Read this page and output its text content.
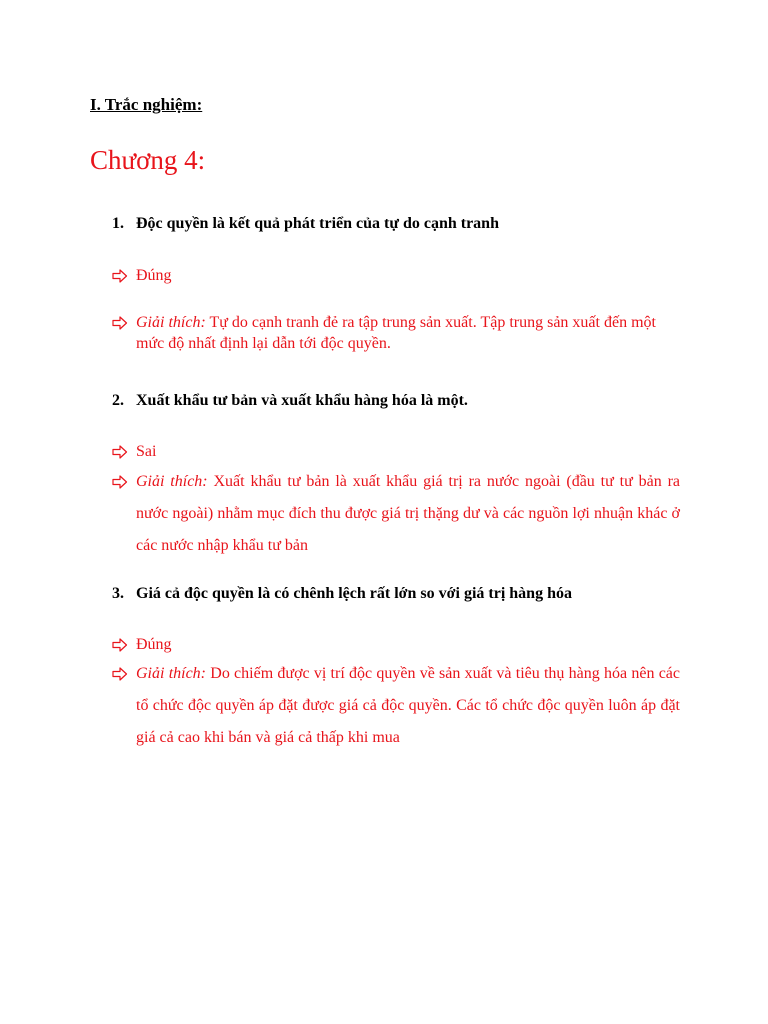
I. Trắc nghiệm:
Chương 4:
1. Độc quyền là kết quả phát triển của tự do cạnh tranh
Đúng
Giải thích: Tự do cạnh tranh đẻ ra tập trung sản xuất. Tập trung sản xuất đến một mức độ nhất định lại dẫn tới độc quyền.
2. Xuất khẩu tư bản và xuất khẩu hàng hóa là một.
Sai
Giải thích: Xuất khẩu tư bản là xuất khẩu giá trị ra nước ngoài (đầu tư tư bản ra nước ngoài) nhằm mục đích thu được giá trị thặng dư và các nguồn lợi nhuận khác ở các nước nhập khẩu tư bản
3. Giá cả độc quyền là có chênh lệch rất lớn so với giá trị hàng hóa
Đúng
Giải thích: Do chiếm được vị trí độc quyền về sản xuất và tiêu thụ hàng hóa nên các tổ chức độc quyền áp đặt được giá cả độc quyền. Các tổ chức độc quyền luôn áp đặt giá cả cao khi bán và giá cả thấp khi mua
